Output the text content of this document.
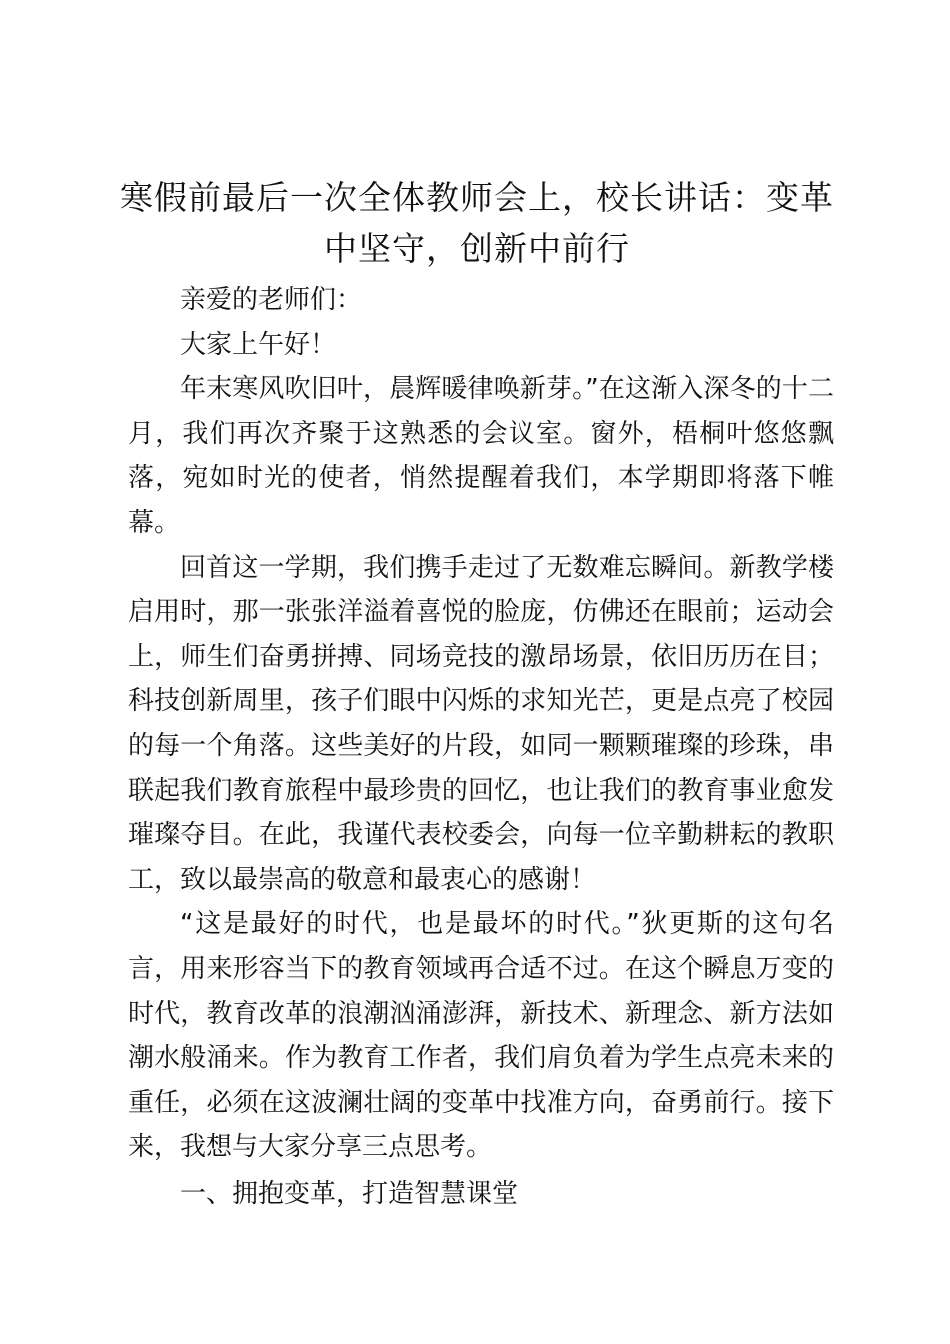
寒假前最后一次全体教师会上，校长讲话：变革中坚守，创新中前行

亲爱的老师们：

大家上午好！

年末寒风吹旧叶，晨辉暖律唤新芽。”在这渐入深冬的十二月，我们再次齐聚于这熟悉的会议室。窗外，梧桐叶悠悠飘落，宛如时光的使者，悄然提醒着我们，本学期即将落下帷幕。

回首这一学期，我们携手走过了无数难忘瞬间。新教学楼启用时，那一张张洋溢着喜悦的脸庞，仿佛还在眼前；运动会上，师生们奋勇拼搏、同场竞技的激昂场景，依旧历历在目；科技创新周里，孩子们眼中闪烁的求知光芒，更是点亮了校园的每一个角落。这些美好的片段，如同一颗颗璀璨的珍珠，串联起我们教育旅程中最珍贵的回忆，也让我们的教育事业愈发璀璨夺目。在此，我谨代表校委会，向每一位辛勤耕耘的教职工，致以最崇高的敬意和最衷心的感谢！

“这是最好的时代，也是最坏的时代。”狄更斯的这句名言，用来形容当下的教育领域再合适不过。在这个瞬息万变的时代，教育改革的浪潮汹涌澎湃，新技术、新理念、新方法如潮水般涌来。作为教育工作者，我们肩负着为学生点亮未来的重任，必须在这波澜壮阔的变革中找准方向，奋勇前行。接下来，我想与大家分享三点思考。

一、拥抱变革，打造智慧课堂
